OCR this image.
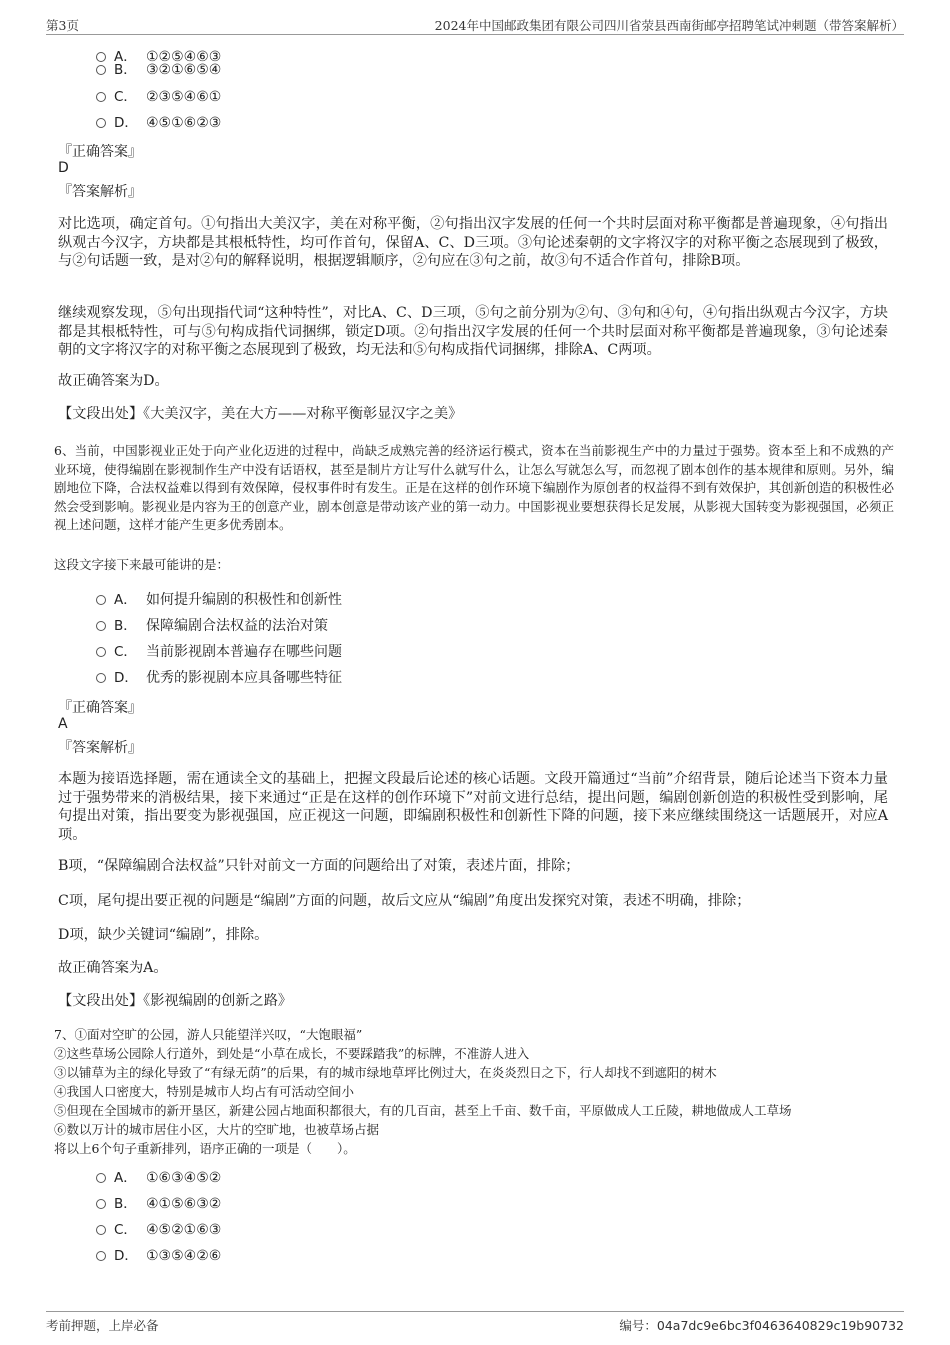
第3页	2024年中国邮政集团有限公司四川省荥县西南街邮亭招聘笔试冲刺题（带答案解析）
A． ①②⑤④⑥③
B． ③②①⑥⑤④
C． ②③⑤④⑥①
D． ④⑤①⑥②③
『正确答案』
D
『答案解析』
对比选项，确定首句。①句指出大美汉字，美在对称平衡，②句指出汉字发展的任何一个共时层面对称平衡都是普遍现象，④句指出纵观古今汉字，方块都是其根柢特性，均可作首句，保留A、C、D三项。③句论述秦朝的文字将汉字的对称平衡之态展现到了极致，与②句话题一致，是对②句的解释说明，根据逻辑顺序，②句应在③句之前，故③句不适合作首句，排除B项。
继续观察发现，⑤句出现指代词“这种特性”，对比A、C、D三项，⑤句之前分别为②句、③句和④句，④句指出纵观古今汉字，方块都是其根柢特性，可与⑤句构成指代词捆绑，锁定D项。②句指出汉字发展的任何一个共时层面对称平衡都是普遍现象，③句论述秦朝的文字将汉字的对称平衡之态展现到了极致，均无法和⑤句构成指代词捆绑，排除A、C两项。
故正确答案为D。
【文段出处】《大美汉字，美在大方——对称平衡彰显汉字之美》
6、当前，中国影视业正处于向产业化迈进的过程中，尚缺乏成熟完善的经济运行模式，资本在当前影视生产中的力量过于强势。资本至上和不成熟的产业环境，使得编剧在影视制作生产中没有话语权，甚至是制片方让写什么就写什么，让怎么写就怎么写，而忽视了剧本创作的基本规律和原则。另外，编剧地位下降，合法权益难以得到有效保障，侵权事件时有发生。正是在这样的创作环境下编剧作为原创者的权益得不到有效保护，其创新创造的积极性必然会受到影响。影视业是内容为王的创意产业，剧本创意是带动该产业的第一动力。中国影视业要想获得长足发展，从影视大国转变为影视强国，必须正视上述问题，这样才能产生更多优秀剧本。
这段文字接下来最可能讲的是：
A． 如何提升编剧的积极性和创新性
B． 保障编剧合法权益的法治对策
C． 当前影视剧本普遍存在哪些问题
D． 优秀的影视剧本应具备哪些特征
『正确答案』
A
『答案解析』
本题为接语选择题，需在通读全文的基础上，把握文段最后论述的核心话题。文段开篇通过“当前”介绍背景，随后论述当下资本力量过于强势带来的消极结果，接下来通过“正是在这样的创作环境下”对前文进行总结，提出问题，编剧创新创造的积极性受到影响，尾句提出对策，指出要变为影视强国，应正视这一问题，即编剧积极性和创新性下降的问题，接下来应继续围绕这一话题展开，对应A项。
B项，“保障编剧合法权益”只针对前文一方面的问题给出了对策，表述片面，排除；
C项，尾句提出要正视的问题是“编剧”方面的问题，故后文应从“编剧”角度出发探究对策，表述不明确，排除；
D项，缺少关键词“编剧”，排除。
故正确答案为A。
【文段出处】《影视编剧的创新之路》
7、①面对空旷的公园，游人只能望洋兴叹，“大饱眼福”
②这些草场公园除人行道外，到处是“小草在成长，不要踩踏我”的标牌，不准游人进入
③以铺草为主的绿化导致了“有绿无荫”的后果，有的城市绿地草坪比例过大，在炎炎烈日之下，行人却找不到遮阳的树木
④我国人口密度大，特别是城市人均占有可活动空间小
⑤但现在全国城市的新开垦区，新建公园占地面积都很大，有的几百亩，甚至上千亩、数千亩，平原做成人工丘陵，耕地做成人工草场
⑥数以万计的城市居住小区，大片的空旷地，也被草场占据
将以上6个句子重新排列，语序正确的一项是（　　）。
A． ①⑥③④⑤②
B． ④①⑤⑥③②
C． ④⑤②①⑥③
D． ①③⑤④②⑥
考前押题，上岸必备	编号：04a7dc9e6bc3f0463640829c19b90732
